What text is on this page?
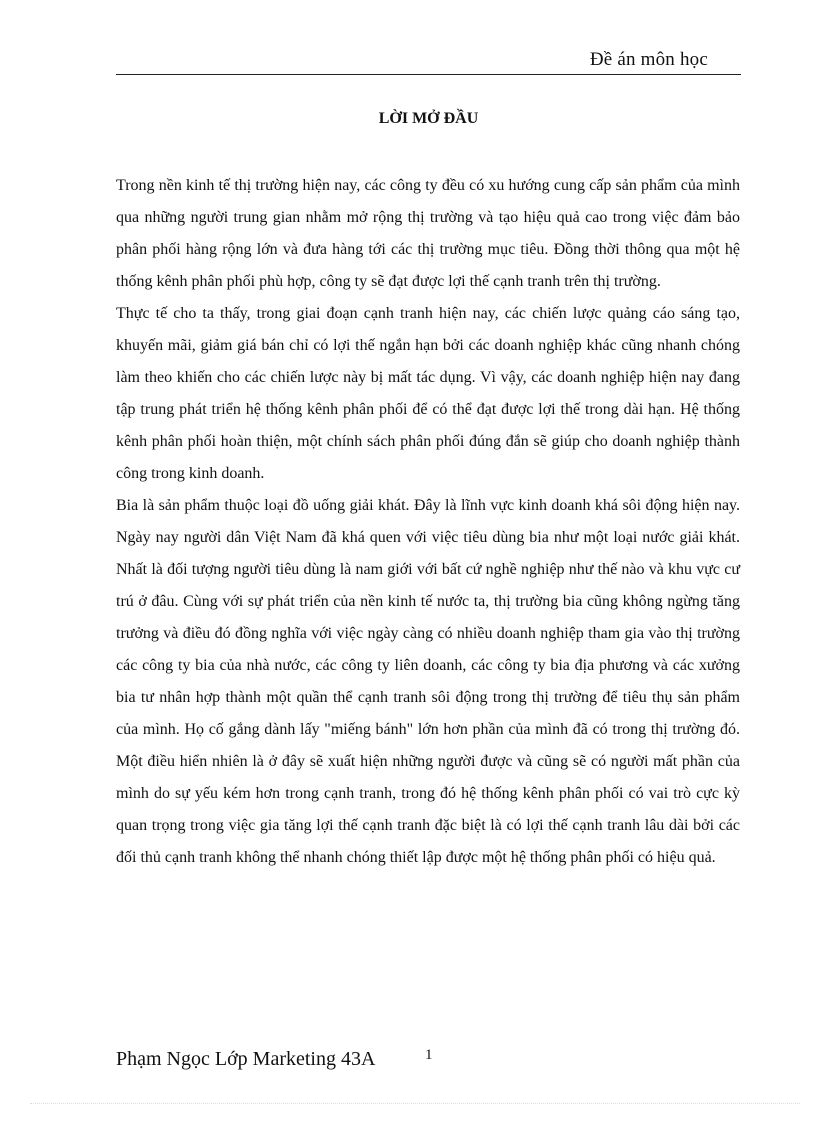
Đề án môn học
LỜI MỞ ĐẦU

Trong nền kinh tế thị trường hiện nay, các công ty đều có xu hướng cung cấp sản phẩm của mình qua những người trung gian nhằm mở rộng thị trường và tạo hiệu quả cao trong việc đảm bảo phân phối hàng rộng lớn và đưa hàng tới các thị trường mục tiêu. Đồng thời thông qua một hệ thống kênh phân phối phù hợp, công ty sẽ đạt được lợi thế cạnh tranh trên thị trường.

Thực tế cho ta thấy, trong giai đoạn cạnh tranh hiện nay, các chiến lược quảng cáo sáng tạo, khuyến mãi, giảm giá bán chỉ có lợi thế ngắn hạn bởi các doanh nghiệp khác cũng nhanh chóng làm theo khiến cho các chiến lược này bị mất tác dụng. Vì vậy, các doanh nghiệp hiện nay đang tập trung phát triển hệ thống kênh phân phối để có thể đạt được lợi thế trong dài hạn. Hệ thống kênh phân phối hoàn thiện, một chính sách phân phối đúng đắn sẽ giúp cho doanh nghiệp thành công trong kinh doanh.

Bia là sản phẩm thuộc loại đồ uống giải khát. Đây là lĩnh vực kinh doanh khá sôi động hiện nay. Ngày nay người dân Việt Nam đã khá quen với việc tiêu dùng bia như một loại nước giải khát. Nhất là đối tượng người tiêu dùng là nam giới với bất cứ nghề nghiệp như thế nào và khu vực cư trú ở đâu. Cùng với sự phát triển của nền kinh tế nước ta, thị trường bia cũng không ngừng tăng trưởng và điều đó đồng nghĩa với việc ngày càng có nhiều doanh nghiệp tham gia vào thị trường các công ty bia của nhà nước, các công ty liên doanh, các công ty bia địa phương và các xưởng bia tư nhân hợp thành một quần thể cạnh tranh sôi động trong thị trường để tiêu thụ sản phẩm của mình. Họ cố gắng dành lấy "miếng bánh" lớn hơn phần của mình đã có trong thị trường đó. Một điều hiển nhiên là ở đây sẽ xuất hiện những người được và cũng sẽ có người mất phần của mình do sự yếu kém hơn trong cạnh tranh, trong đó hệ thống kênh phân phối có vai trò cực kỳ quan trọng trong việc gia tăng lợi thế cạnh tranh đặc biệt là có lợi thế cạnh tranh lâu dài bởi các đối thủ cạnh tranh không thể nhanh chóng thiết lập được một hệ thống phân phối có hiệu quả.

Phạm Ngọc Lớp Marketing 43A	1
